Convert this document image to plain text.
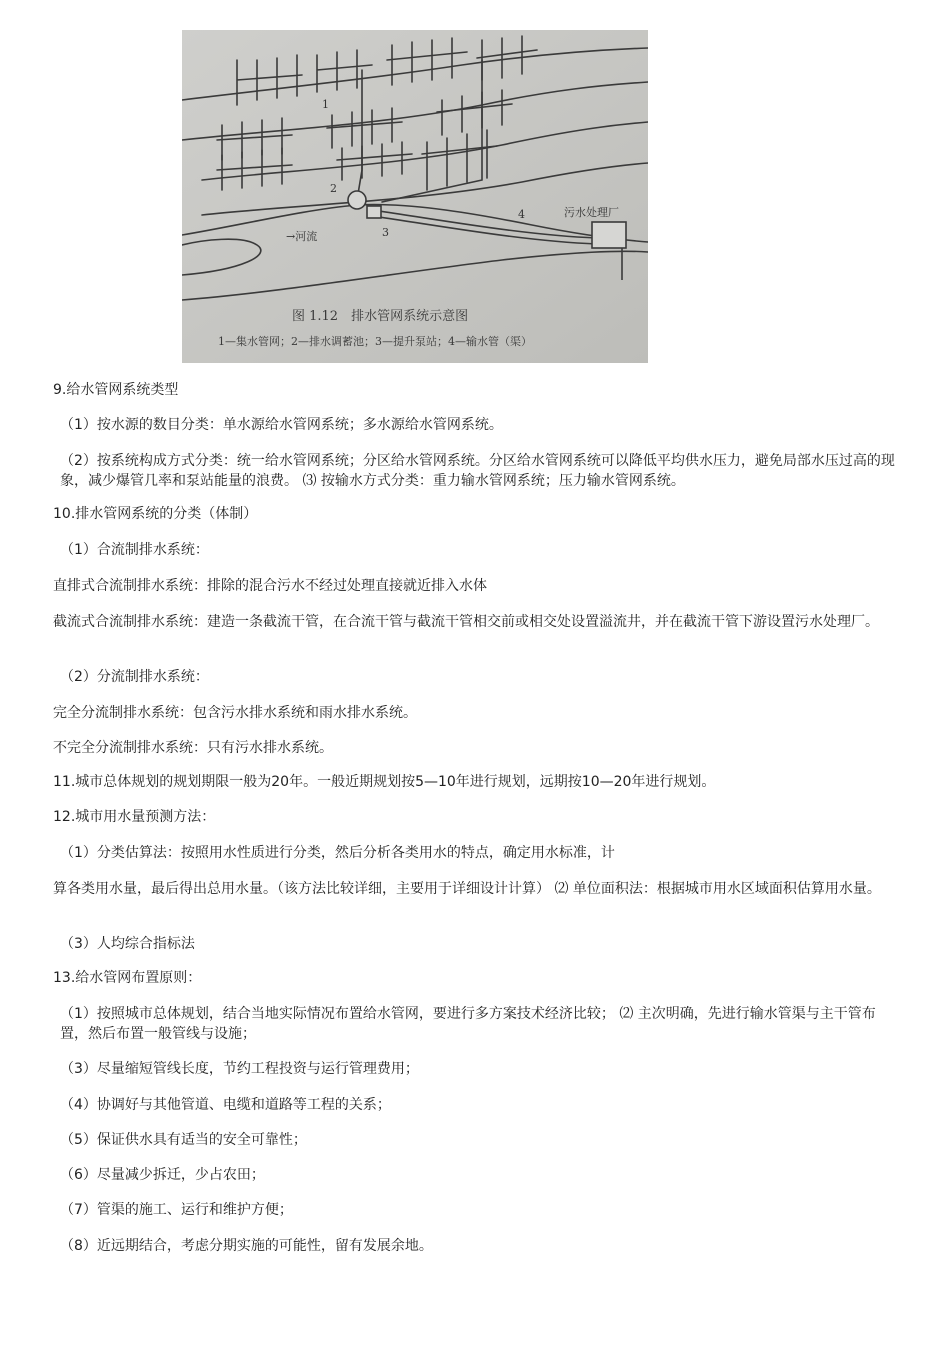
1
2
3
4	污水处理厂
→河流
图 1.12　排水管网系统示意图
1—集水管网；2—排水调蓄池；3—提升泵站；4—输水管（渠）

9.给水管网系统类型

（1）按水源的数目分类：单水源给水管网系统；多水源给水管网系统。

（2）按系统构成方式分类：统一给水管网系统；分区给水管网系统。分区给水管网系统可以降低平均供水压力，避免局部水压过高的现象，减少爆管几率和泵站能量的浪费。 ⑶ 按输水方式分类：重力输水管网系统；压力输水管网系统。

10.排水管网系统的分类（体制）

（1）合流制排水系统：

直排式合流制排水系统：排除的混合污水不经过处理直接就近排入水体

截流式合流制排水系统：建造一条截流干管，在合流干管与截流干管相交前或相交处设置溢流井，并在截流干管下游设置污水处理厂。

（2）分流制排水系统：

完全分流制排水系统：包含污水排水系统和雨水排水系统。

不完全分流制排水系统：只有污水排水系统。

11.城市总体规划的规划期限一般为20年。一般近期规划按5—10年进行规划，远期按10—20年进行规划。

12.城市用水量预测方法：

（1）分类估算法：按照用水性质进行分类，然后分析各类用水的特点，确定用水标准，计

算各类用水量，最后得出总用水量。（该方法比较详细，主要用于详细设计计算） ⑵ 单位面积法：根据城市用水区域面积估算用水量。

（3）人均综合指标法

13.给水管网布置原则：

（1）按照城市总体规划，结合当地实际情况布置给水管网，要进行多方案技术经济比较； ⑵ 主次明确，先进行输水管渠与主干管布置，然后布置一般管线与设施；

（3）尽量缩短管线长度，节约工程投资与运行管理费用；

（4）协调好与其他管道、电缆和道路等工程的关系；

（5）保证供水具有适当的安全可靠性；

（6）尽量减少拆迁，少占农田；

（7）管渠的施工、运行和维护方便；

（8）近远期结合，考虑分期实施的可能性，留有发展余地。
